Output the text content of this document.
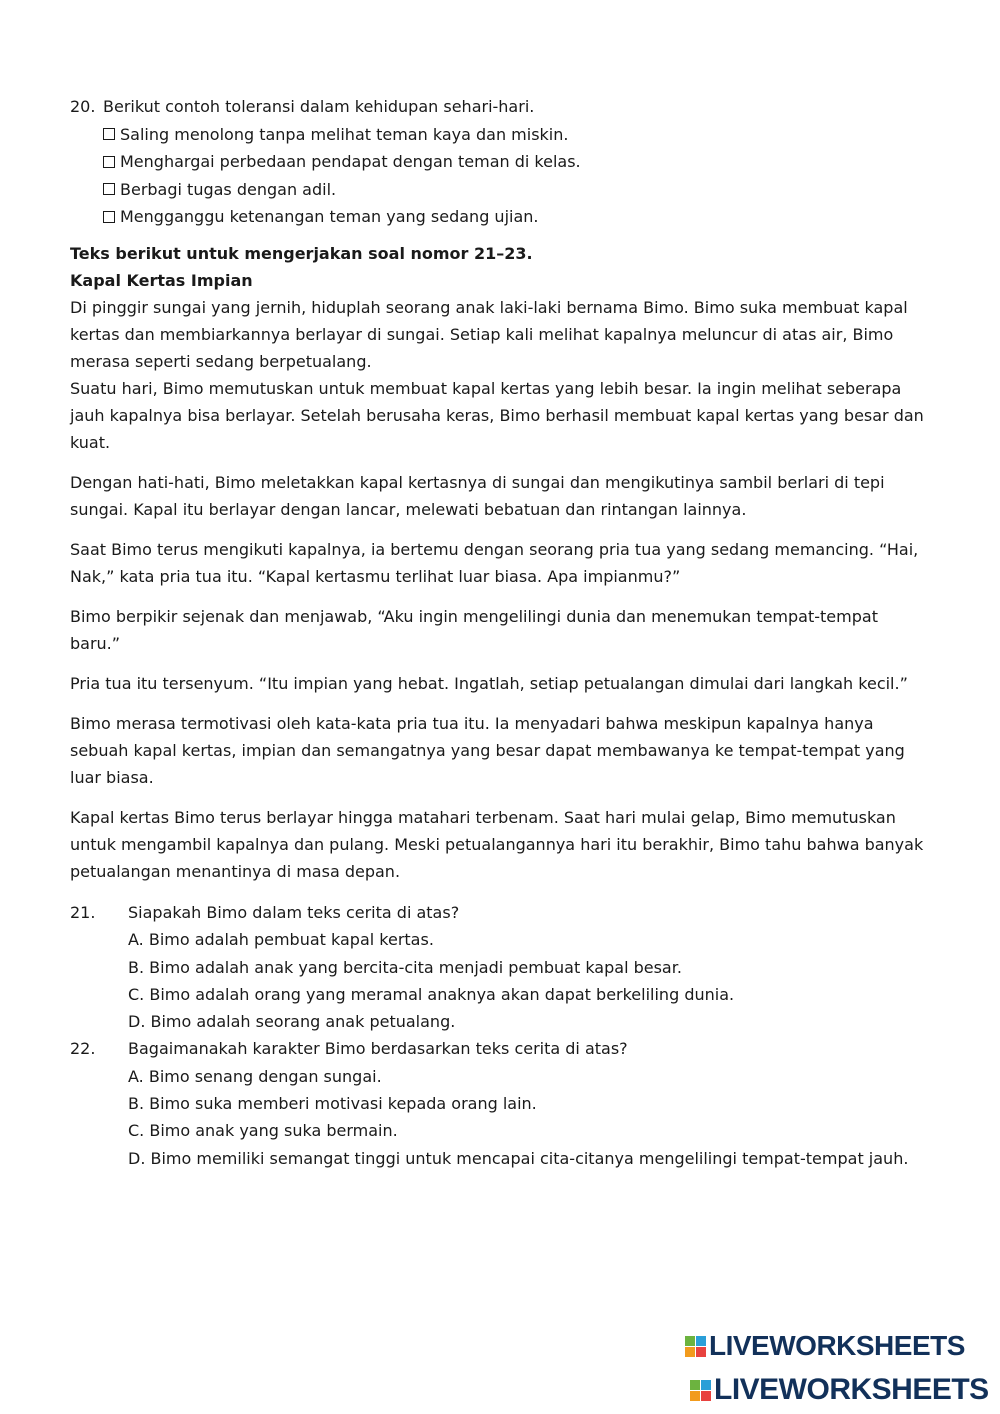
20. Berikut contoh toleransi dalam kehidupan sehari-hari.
Saling menolong tanpa melihat teman kaya dan miskin.
Menghargai perbedaan pendapat dengan teman di kelas.
Berbagi tugas dengan adil.
Mengganggu ketenangan teman yang sedang ujian.
Teks berikut untuk mengerjakan soal nomor 21–23.
Kapal Kertas Impian

Di pinggir sungai yang jernih, hiduplah seorang anak laki-laki bernama Bimo. Bimo suka membuat kapal kertas dan membiarkannya berlayar di sungai. Setiap kali melihat kapalnya meluncur di atas air, Bimo merasa seperti sedang berpetualang.

Suatu hari, Bimo memutuskan untuk membuat kapal kertas yang lebih besar. Ia ingin melihat seberapa jauh kapalnya bisa berlayar. Setelah berusaha keras, Bimo berhasil membuat kapal kertas yang besar dan kuat.

Dengan hati-hati, Bimo meletakkan kapal kertasnya di sungai dan mengikutinya sambil berlari di tepi sungai. Kapal itu berlayar dengan lancar, melewati bebatuan dan rintangan lainnya.

Saat Bimo terus mengikuti kapalnya, ia bertemu dengan seorang pria tua yang sedang memancing. “Hai, Nak,” kata pria tua itu. “Kapal kertasmu terlihat luar biasa. Apa impianmu?”

Bimo berpikir sejenak dan menjawab, “Aku ingin mengelilingi dunia dan menemukan tempat-tempat baru.”

Pria tua itu tersenyum. “Itu impian yang hebat. Ingatlah, setiap petualangan dimulai dari langkah kecil.”

Bimo merasa termotivasi oleh kata-kata pria tua itu. Ia menyadari bahwa meskipun kapalnya hanya sebuah kapal kertas, impian dan semangatnya yang besar dapat membawanya ke tempat-tempat yang luar biasa.

Kapal kertas Bimo terus berlayar hingga matahari terbenam. Saat hari mulai gelap, Bimo memutuskan untuk mengambil kapalnya dan pulang. Meski petualangannya hari itu berakhir, Bimo tahu bahwa banyak petualangan menantinya di masa depan.

21.	Siapakah Bimo dalam teks cerita di atas?
A. Bimo adalah pembuat kapal kertas.
B. Bimo adalah anak yang bercita-cita menjadi pembuat kapal besar.
C. Bimo adalah orang yang meramal anaknya akan dapat berkeliling dunia.
D. Bimo adalah seorang anak petualang.
22.	Bagaimanakah karakter Bimo berdasarkan teks cerita di atas?
A. Bimo senang dengan sungai.
B. Bimo suka memberi motivasi kepada orang lain.
C. Bimo anak yang suka bermain.
D. Bimo memiliki semangat tinggi untuk mencapai cita-citanya mengelilingi tempat-tempat jauh.
LIVEWORKSHEETS
LIVEWORKSHEETS
